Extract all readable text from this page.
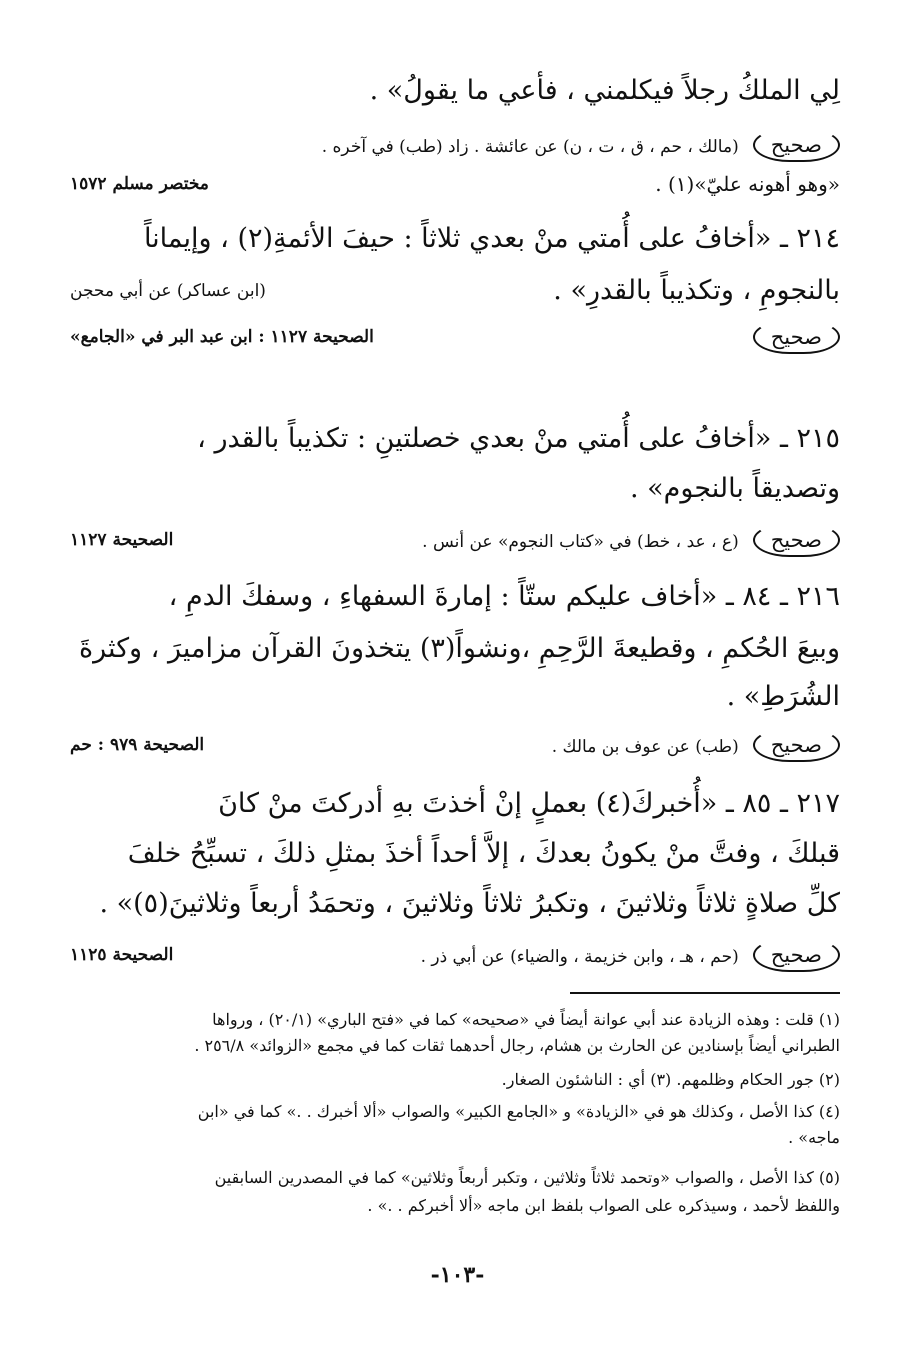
لِي الملكُ رجلاً فيكلمني ، فأعي ما يقولُ» .
صحيح(مالك ، حم ، ق ، ت ، ن) عن عائشة . زاد (طب) في آخره .
«وهو أهونه عليّ»(١) .
مختصر مسلم ١٥٧٢
٢١٤ ـ «أخافُ على أُمتي منْ بعدي ثلاثاً : حيفَ الأئمةِ(٢) ، وإيماناً
بالنجومِ ، وتكذيباً بالقدرِ» .
(ابن عساكر) عن أبي محجن
صحيح
الصحيحة ١١٢٧ : ابن عبد البر في «الجامع»
٢١٥ ـ «أخافُ على أُمتي منْ بعدي خصلتينِ : تكذيباً بالقدر ،
وتصديقاً بالنجوم» .
صحيح(ع ، عد ، خط) في «كتاب النجوم» عن أنس .
الصحيحة ١١٢٧
٢١٦ ـ ٨٤ ـ «أخاف عليكم ستّاً : إمارةَ السفهاءِ ، وسفكَ الدمِ ،
وبيعَ الحُكمِ ، وقطيعةَ الرَّحِمِ ،ونشواً(٣) يتخذونَ القرآن مزاميرَ ، وكثرةَ
الشُرَطِ» .
صحيح(طب) عن عوف بن مالك .
الصحيحة ٩٧٩ : حم
٢١٧ ـ ٨٥ ـ «أُخبركَ(٤) بعملٍ إنْ أخذتَ بهِ أدركتَ منْ كانَ
قبلكَ ، وفتَّ منْ يكونُ بعدكَ ، إلاَّ أحداً أخذَ بمثلِ ذلكَ ، تسبِّحُ خلفَ
كلِّ صلاةٍ ثلاثاً وثلاثينَ ، وتكبرُ ثلاثاً وثلاثينَ ، وتحمَدُ أربعاً وثلاثينَ(٥)» .
صحيح(حم ، هـ ، وابن خزيمة ، والضياء) عن أبي ذر .
الصحيحة ١١٢٥
(١) قلت : وهذه الزيادة عند أبي عوانة أيضاً في «صحيحه» كما في «فتح الباري» (٢٠/١) ، ورواها
الطبراني أيضاً بإسنادين عن الحارث بن هشام، رجال أحدهما ثقات كما في مجمع «الزوائد» ٢٥٦/٨ .
(٢) جور الحكام وظلمهم. (٣) أي : الناشئون الصغار.
(٤) كذا الأصل ، وكذلك هو في «الزيادة» و «الجامع الكبير» والصواب «ألا أخبرك . .» كما في «ابن
ماجه» .
(٥) كذا الأصل ، والصواب «وتحمد ثلاثاً وثلاثين ، وتكبر أربعاً وثلاثين» كما في المصدرين السابقين
واللفظ لأحمد ، وسيذكره على الصواب بلفظ ابن ماجه «ألا أخبركم . .» .
-١٠٣-
